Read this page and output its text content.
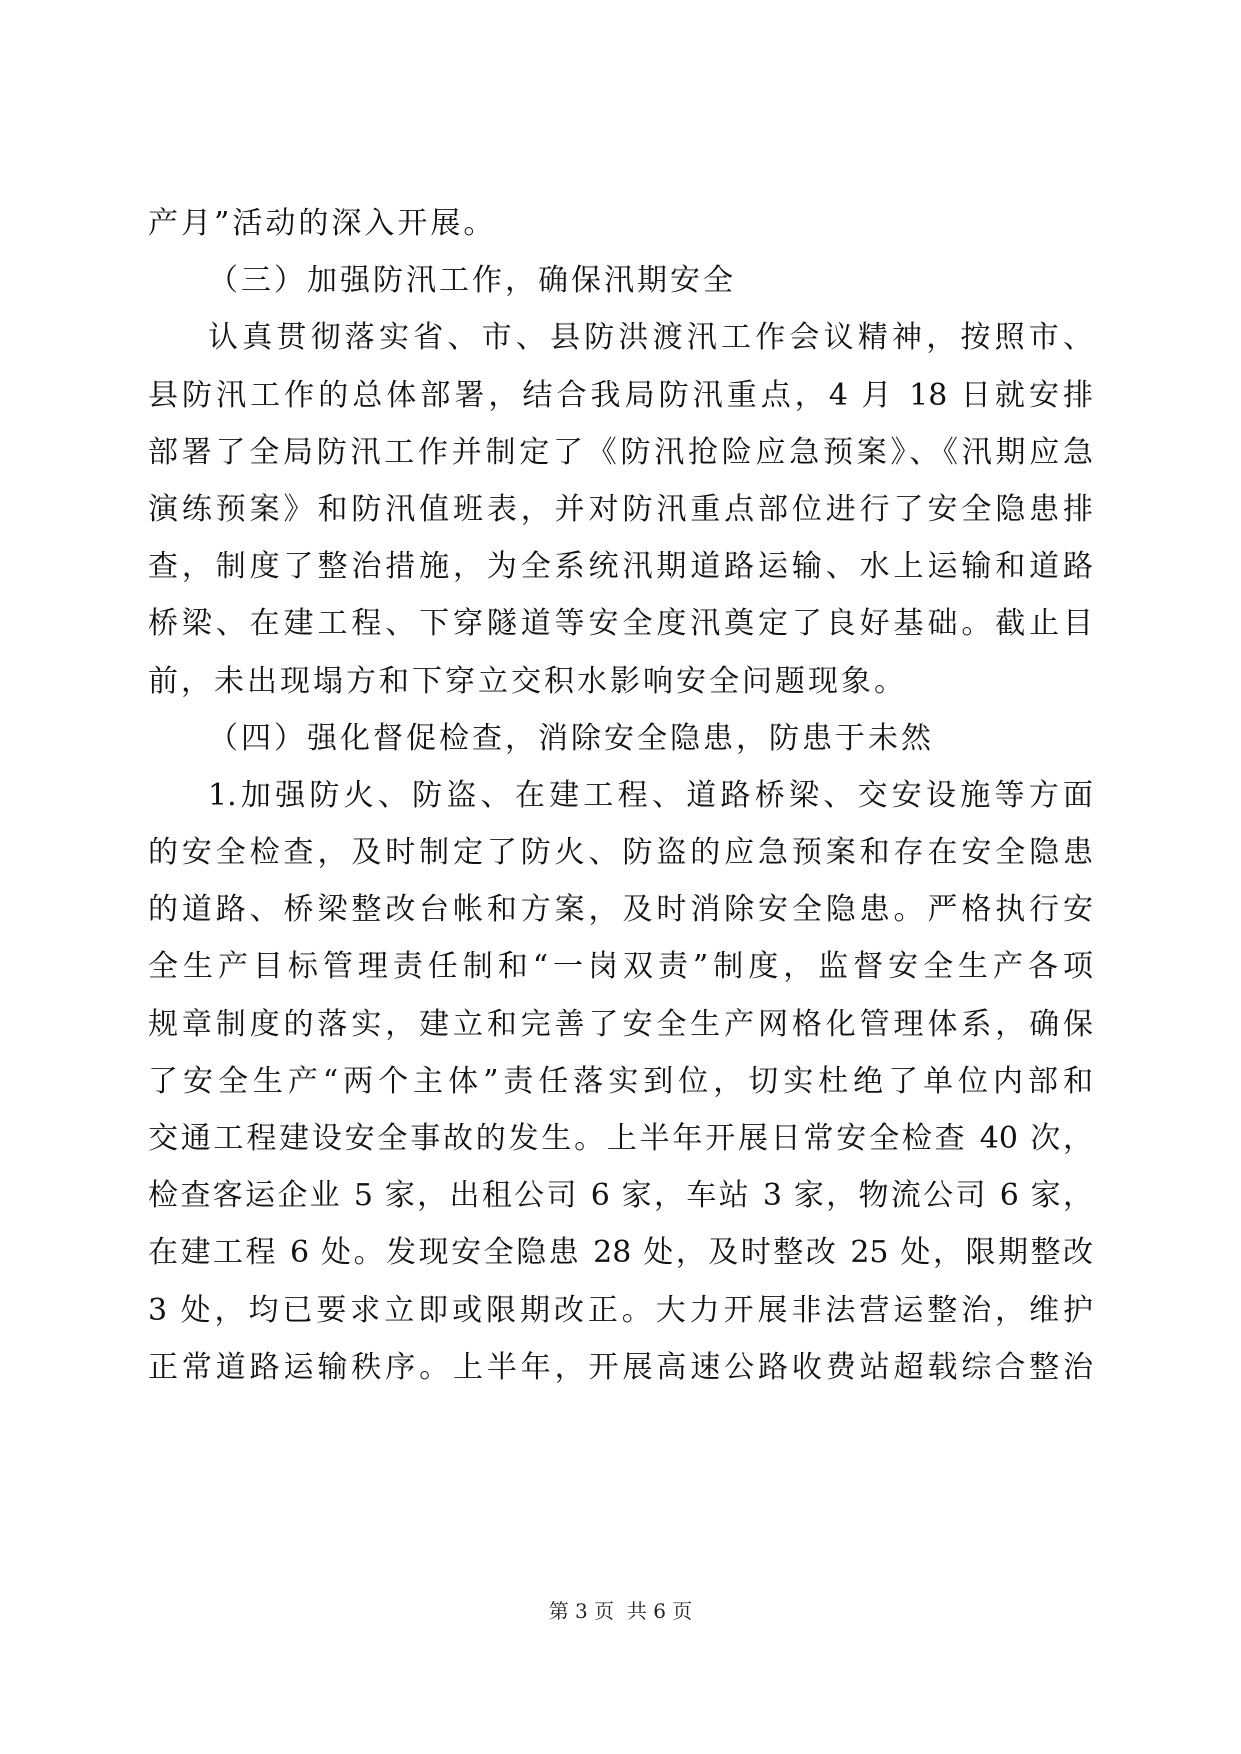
产月”活动的深入开展。
（三）加强防汛工作，确保汛期安全
认真贯彻落实省、市、县防洪渡汛工作会议精神，按照市、
县防汛工作的总体部署，结合我局防汛重点，4 月 18 日就安排
部署了全局防汛工作并制定了《防汛抢险应急预案》、《汛期应急
演练预案》和防汛值班表，并对防汛重点部位进行了安全隐患排
查，制度了整治措施，为全系统汛期道路运输、水上运输和道路
桥梁、在建工程、下穿隧道等安全度汛奠定了良好基础。截止目
前，未出现塌方和下穿立交积水影响安全问题现象。
（四）强化督促检查，消除安全隐患，防患于未然
1.加强防火、防盗、在建工程、道路桥梁、交安设施等方面
的安全检查，及时制定了防火、防盗的应急预案和存在安全隐患
的道路、桥梁整改台帐和方案，及时消除安全隐患。严格执行安
全生产目标管理责任制和“一岗双责”制度，监督安全生产各项
规章制度的落实，建立和完善了安全生产网格化管理体系，确保
了安全生产“两个主体”责任落实到位，切实杜绝了单位内部和
交通工程建设安全事故的发生。上半年开展日常安全检查 40 次，
检查客运企业 5 家，出租公司 6 家，车站 3 家，物流公司 6 家，
在建工程 6 处。发现安全隐患 28 处，及时整改 25 处，限期整改
3 处，均已要求立即或限期改正。大力开展非法营运整治，维护
正常道路运输秩序。上半年，开展高速公路收费站超载综合整治
第 3 页  共 6 页
